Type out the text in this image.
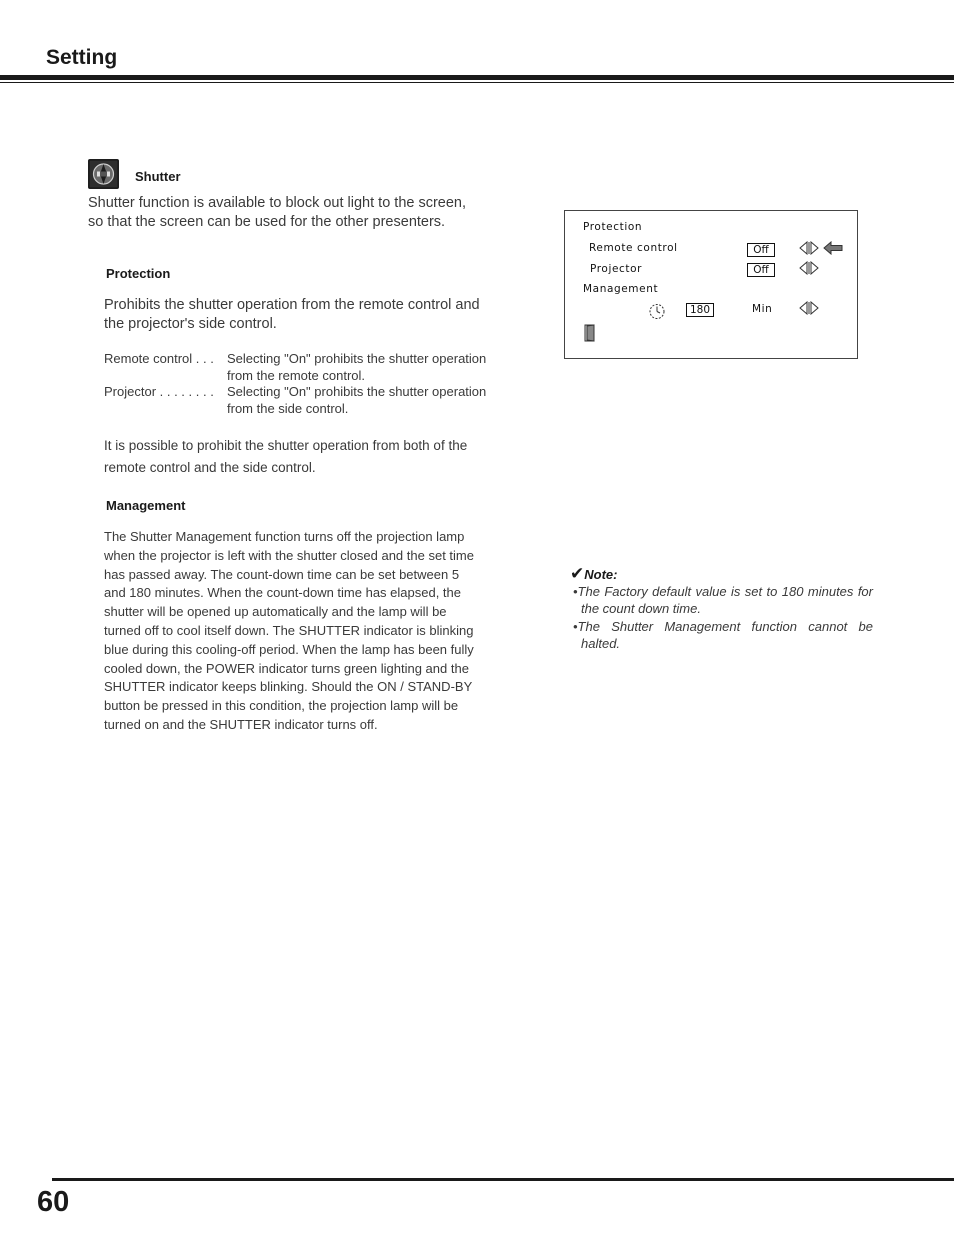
Setting
Shutter

Shutter function is available to block out light to the screen, so that the screen can be used for the other presenters.

Protection

Prohibits the shutter operation from the remote control and the projector's side control.

Remote control . . . Selecting "On" prohibits the shutter operation from the remote control.
Projector . . . . . . . . Selecting "On" prohibits the shutter operation from the side control.

It is possible to prohibit the shutter operation from both of the remote control and the side control.

Management

The Shutter Management function turns off the projection lamp when the projector is left with the shutter closed and the set time has passed away. The count-down time can be set between 5 and 180 minutes. When the count-down time has elapsed, the shutter will be opened up automatically and the lamp will be turned off to cool itself down. The SHUTTER indicator is blinking blue during this cooling-off period. When the lamp has been fully cooled down, the POWER indicator turns green lighting and the SHUTTER indicator keeps blinking. Should the ON / STAND-BY button be pressed in this condition, the projection lamp will be turned on and the SHUTTER indicator turns off.

Protection
Remote control	Off
Projector	Off
Management
180	Min
✔Note:
•The Factory default value is set to 180 minutes for the count down time.
•The Shutter Management function cannot be halted.
60
